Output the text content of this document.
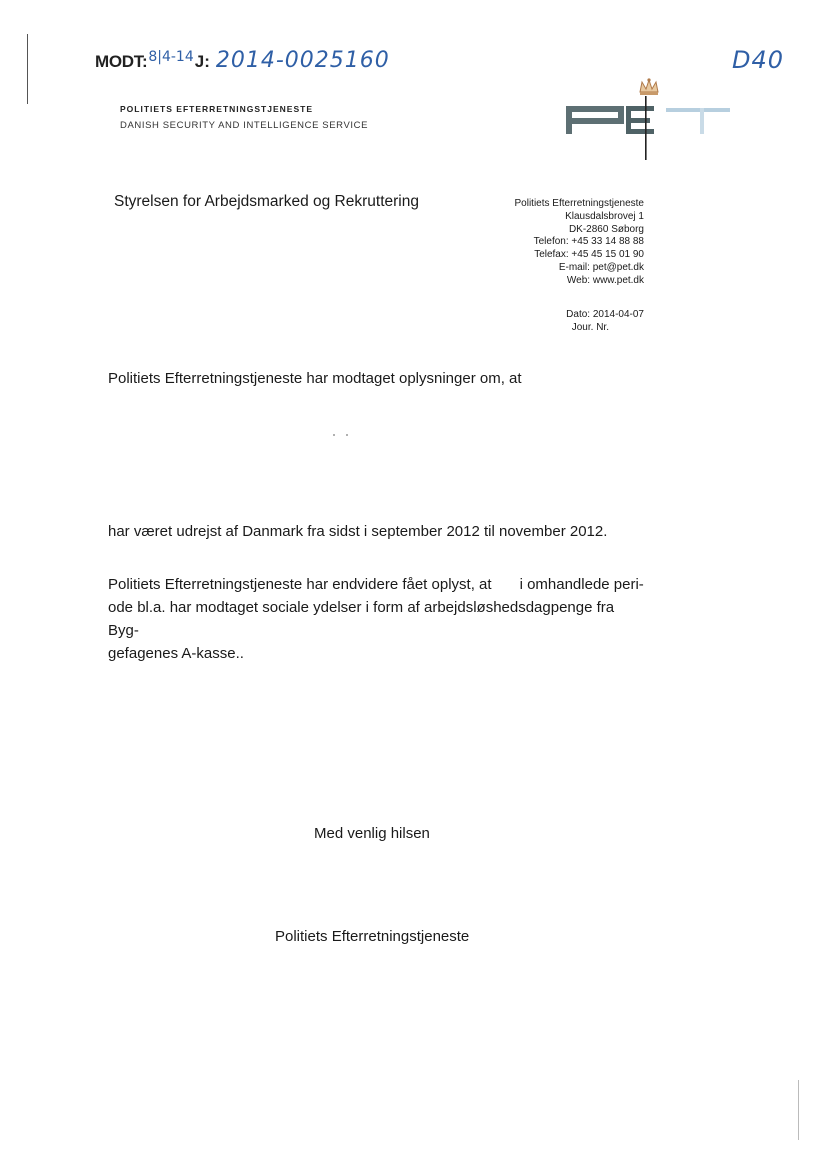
MODT: 8|4-14 J: 2014-0025160	D40
POLITIETS EFTERRETNINGSTJENESTE
DANISH SECURITY AND INTELLIGENCE SERVICE
PET
Styrelsen for Arbejdsmarked og Rekruttering	Politiets Efterretningstjeneste
Klausdalsbrovej 1
DK-2860 Søborg
Telefon: +45 33 14 88 88
Telefax: +45 45 15 01 90
E-mail: pet@pet.dk
Web: www.pet.dk
Dato: 2014-04-07
Jour. Nr.
Politiets Efterretningstjeneste har modtaget oplysninger om, at
har været udrejst af Danmark fra sidst i september 2012 til november 2012.
Politiets Efterretningstjeneste har endvidere fået oplyst, at i omhandlede peri-
ode bl.a. har modtaget sociale ydelser i form af arbejdsløshedsdagpenge fra Byg-
gefagenes A-kasse..
Med venlig hilsen
Politiets Efterretningstjeneste
